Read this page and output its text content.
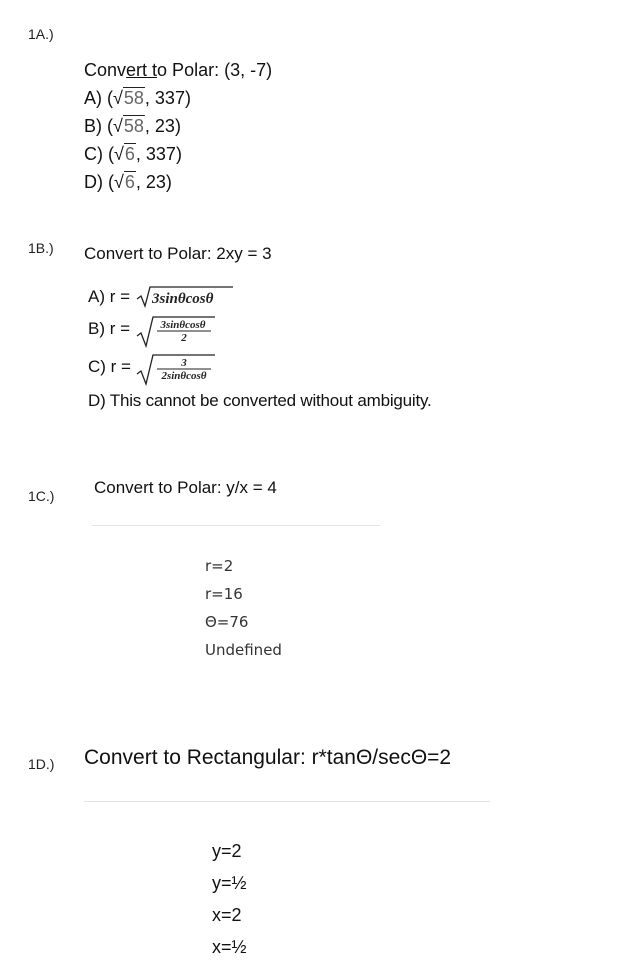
1A.)
Convert to Polar: (3, -7)
A) (√58, 337)
B) (√58, 23)
C) (√6, 337)
D) (√6, 23)
1B.) Convert to Polar: 2xy = 3
A) r = 3sinθcosθ
B) r =	3sinθcosθ
2
C) r =	3
2sinθcosθ
D) This cannot be converted without ambiguity.
1C.) Convert to Polar: y/x = 4
r=2
r=16
Θ=76
Undefined
1D.) Convert to Rectangular: r*tanΘ/secΘ=2
y=2
y=½
x=2
x=½
